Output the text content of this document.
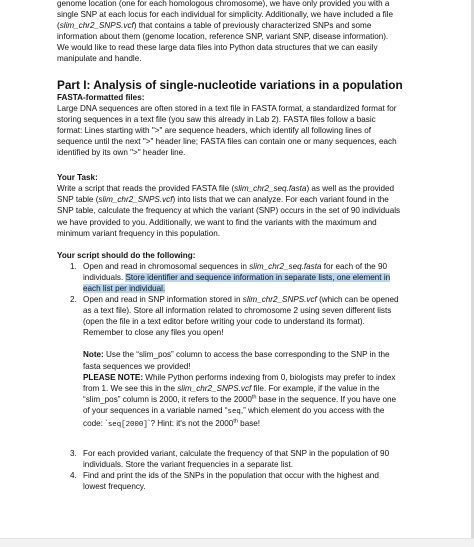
genome location (one for each homologous chromosome), we have only provided you with a

single SNP at each locus for each individual for simplicity. Additionally, we have included a file

(slim_chr2_SNPS.vcf) that contains a table of previously characterized SNPs and some

information about them (genome location, reference SNP, variant SNP, disease information).

We would like to read these large data files into Python data structures that we can easily

manipulate and handle.

Part I: Analysis of single-nucleotide variations in a population

FASTA-formatted files:

Large DNA sequences are often stored in a text file in FASTA format, a standardized format for

storing sequences in a text file (you saw this already in Lab 2). FASTA files follow a basic

format: Lines starting with ">" are sequence headers, which identify all following lines of

sequence until the next ">" header line; FASTA files can contain one or many sequences, each

identified by its own ">" header line.

Your Task:

Write a script that reads the provided FASTA file (slim_chr2_seq.fasta) as well as the provided

SNP table (slim_chr2_SNPS.vcf) into lists that we can analyze. For each variant found in the

SNP table, calculate the frequency at which the variant (SNP) occurs in the set of 90 individuals

we have provided to you. Additionally, we want to find the variants with the maximum and

minimum variant frequency in this population.

Your script should do the following:

1. Open and read in chromosomal sequences in slim_chr2_seq.fasta for each of the 90

individuals. Store identifier and sequence information in separate lists, one element in

each list per individual.

2. Open and read in SNP information stored in slim_chr2_SNPS.vcf (which can be opened

as a text file). Store all information related to chromosome 2 using seven different lists

(open the file in a text editor before writing your code to understand its format).

Remember to close any files you open!

Note: Use the “slim_pos” column to access the base corresponding to the SNP in the

fasta sequences we provided!

PLEASE NOTE: While Python performs indexing from 0, biologists may prefer to index

from 1. We see this in the slim_chr2_SNPS.vcf file. For example, if the value in the

“slim_pos” column is 2000, it refers to the 2000th base in the sequence. If you have one

of your sequences in a variable named “seq,” which element do you access with the

code: `seq[2000]`? Hint: it's not the 2000th base!

3. For each provided variant, calculate the frequency of that SNP in the population of 90

individuals. Store the variant frequencies in a separate list.

4. Find and print the ids of the SNPs in the population that occur with the highest and

lowest frequency.
